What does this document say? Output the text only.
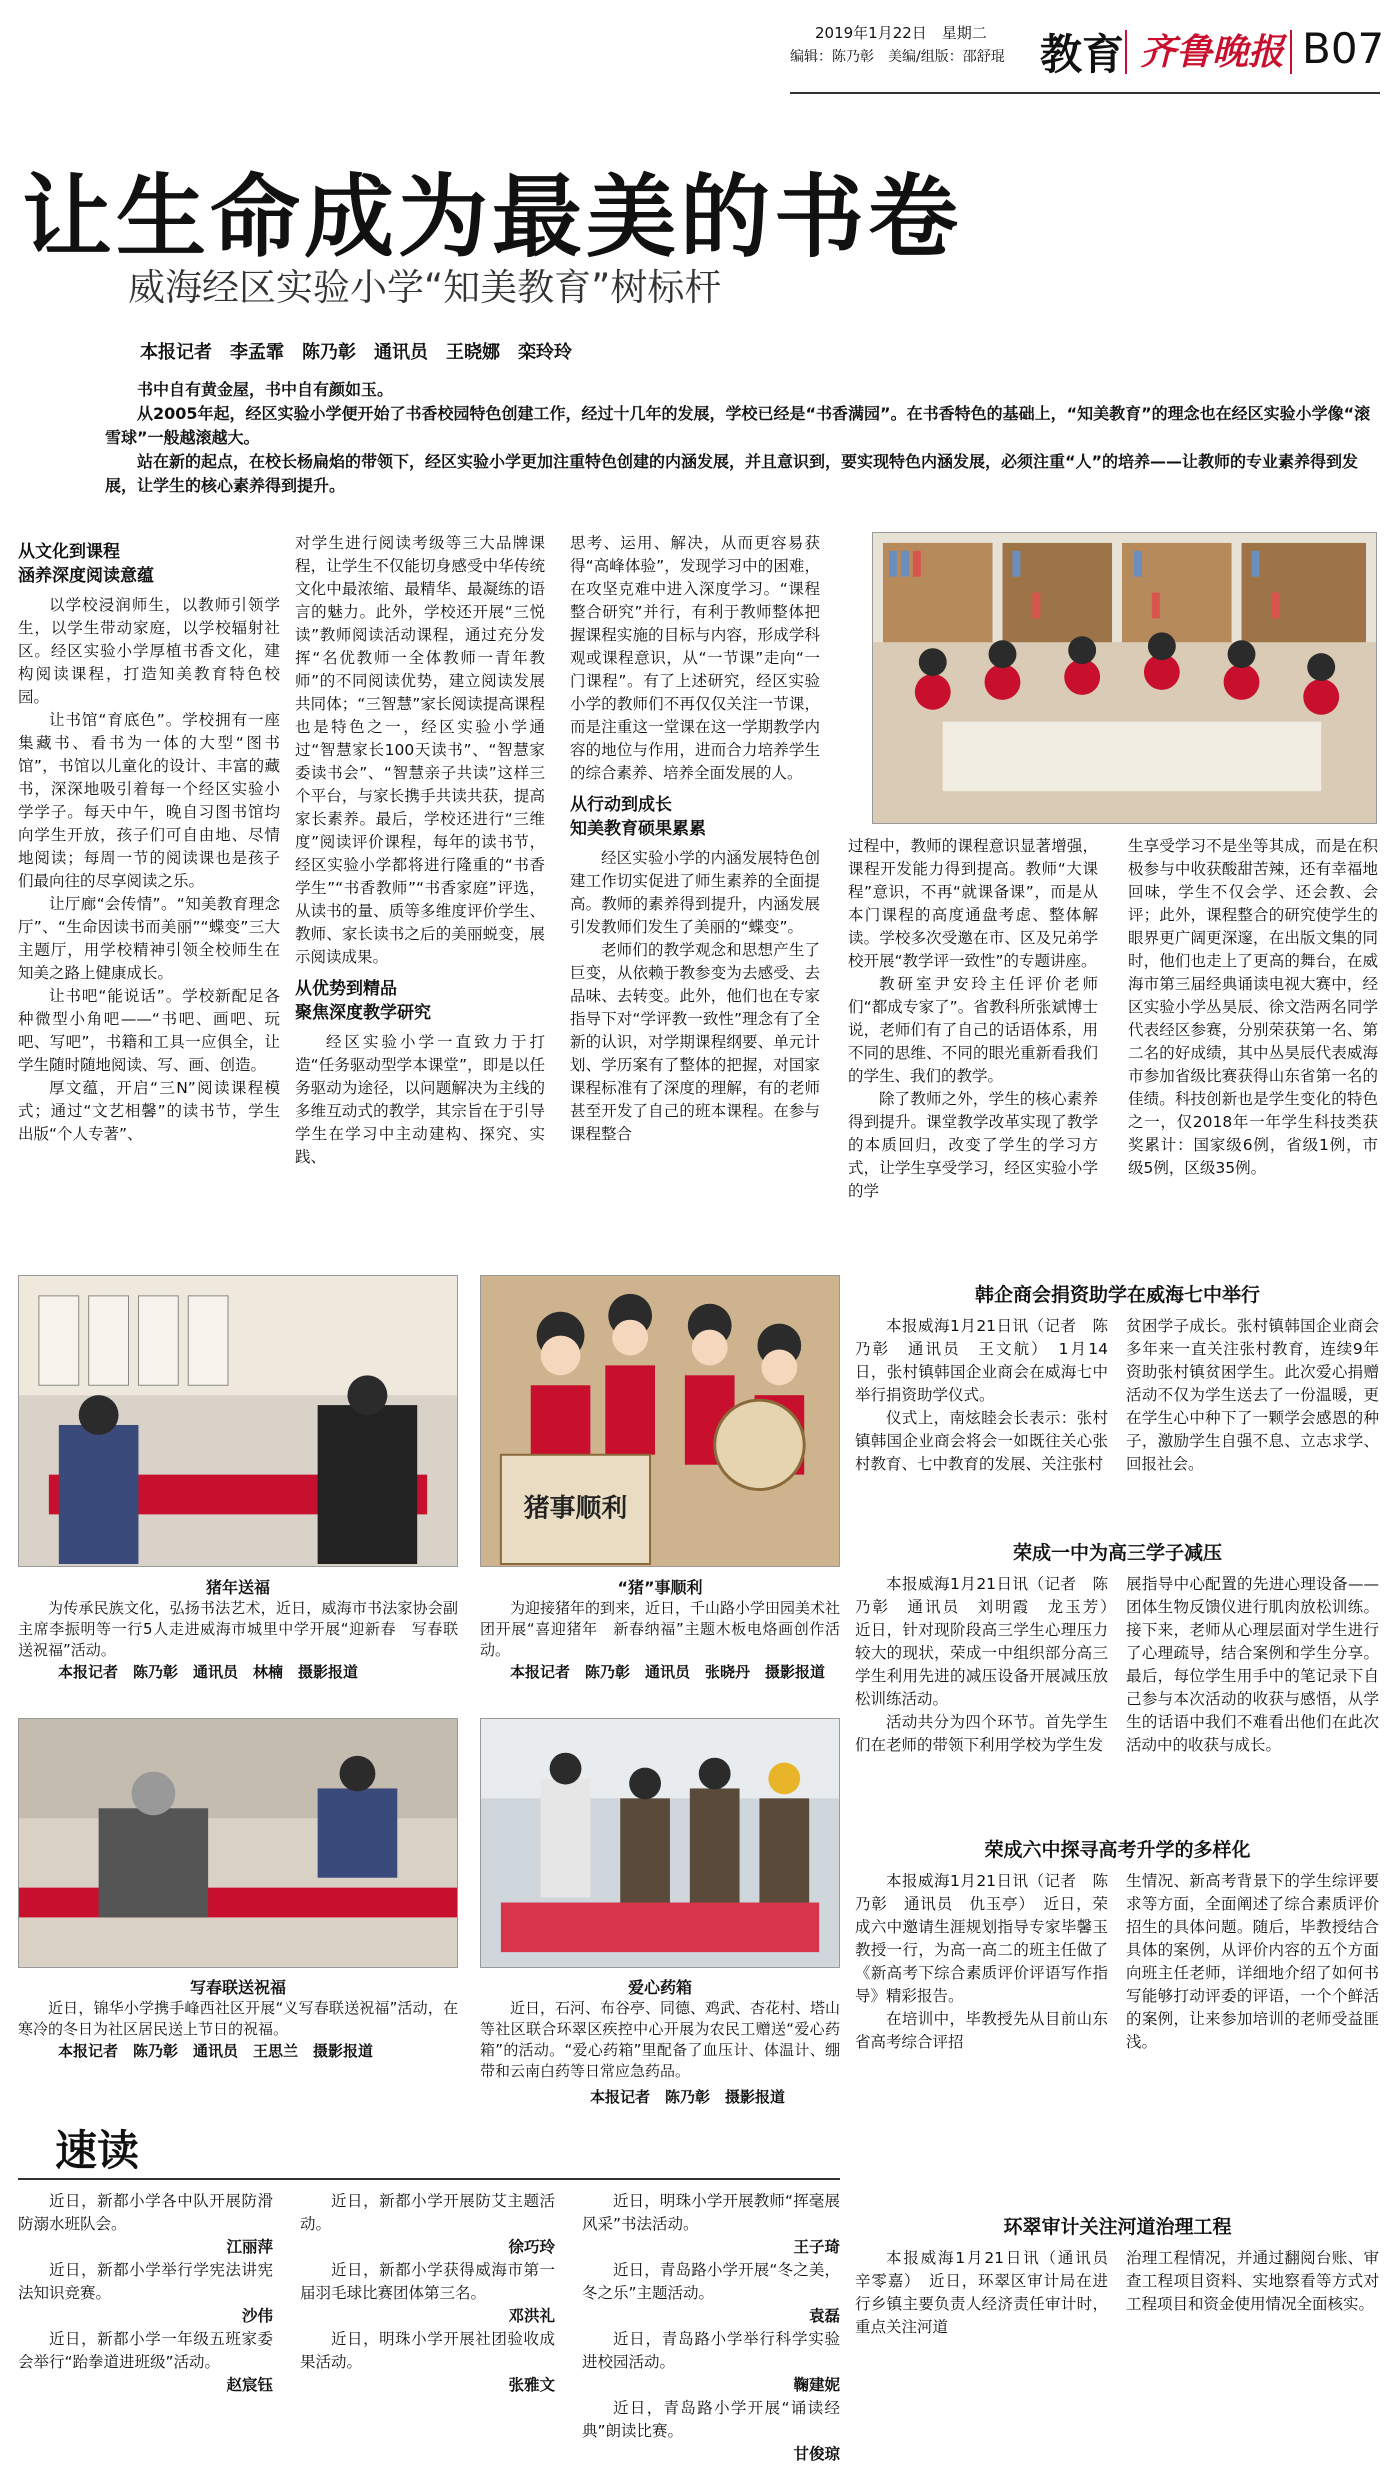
2019年1月22日　星期二
编辑：陈乃彰　美编/组版：邵舒琨 教育 齐鲁晚报 B07
让生命成为最美的书卷
威海经区实验小学“知美教育”树标杆
本报记者　李孟霏　陈乃彰　通讯员　王晓娜　栾玲玲

书中自有黄金屋，书中自有颜如玉。

从2005年起，经区实验小学便开始了书香校园特色创建工作，经过十几年的发展，学校已经是“书香满园”。在书香特色的基础上，“知美教育”的理念也在经区实验小学像“滚雪球”一般越滚越大。

站在新的起点，在校长杨扁焰的带领下，经区实验小学更加注重特色创建的内涵发展，并且意识到，要实现特色内涵发展，必须注重“人”的培养——让教师的专业素养得到发展，让学生的核心素养得到提升。

从文化到课程
涵养深度阅读意蕴

以学校浸润师生，以教师引领学生，以学生带动家庭，以学校辐射社区。经区实验小学厚植书香文化，建构阅读课程，打造知美教育特色校园。

让书馆“育底色”。学校拥有一座集藏书、看书为一体的大型“图书馆”，书馆以儿童化的设计、丰富的藏书，深深地吸引着每一个经区实验小学学子。每天中午，晚自习图书馆均向学生开放，孩子们可自由地、尽情地阅读；每周一节的阅读课也是孩子们最向往的尽享阅读之乐。

让厅廊“会传情”。“知美教育理念厅”、“生命因读书而美丽”“蝶变”三大主题厅，用学校精神引领全校师生在知美之路上健康成长。

让书吧“能说话”。学校新配足各种微型小角吧——“书吧、画吧、玩吧、写吧”，书籍和工具一应俱全，让学生随时随地阅读、写、画、创造。

厚文蕴，开启“三N”阅读课程模式；通过“文艺相馨”的读书节，学生出版“个人专著”、

对学生进行阅读考级等三大品牌课程，让学生不仅能切身感受中华传统文化中最浓缩、最精华、最凝练的语言的魅力。此外，学校还开展“三悦读”教师阅读活动课程，通过充分发挥“名优教师一全体教师一青年教师”的不同阅读优势，建立阅读发展共同体；“三智慧”家长阅读提高课程也是特色之一，经区实验小学通过“智慧家长100天读书”、“智慧家委读书会”、“智慧亲子共读”这样三个平台，与家长携手共读共获，提高家长素养。最后，学校还进行“三维度”阅读评价课程，每年的读书节，经区实验小学都将进行隆重的“书香学生”“书香教师”“书香家庭”评选，从读书的量、质等多维度评价学生、教师、家长读书之后的美丽蜕变，展示阅读成果。

从优势到精品
聚焦深度教学研究

经区实验小学一直致力于打造“任务驱动型学本课堂”，即是以任务驱动为途径，以问题解决为主线的多维互动式的教学，其宗旨在于引导学生在学习中主动建构、探究、实践、

思考、运用、解决，从而更容易获得“高峰体验”，发现学习中的困难，在攻坚克难中进入深度学习。“课程整合研究”并行，有利于教师整体把握课程实施的目标与内容，形成学科观或课程意识，从“一节课”走向“一门课程”。有了上述研究，经区实验小学的教师们不再仅仅关注一节课，而是注重这一堂课在这一学期教学内容的地位与作用，进而合力培养学生的综合素养、培养全面发展的人。

从行动到成长
知美教育硕果累累

经区实验小学的内涵发展特色创建工作切实促进了师生素养的全面提高。教师的素养得到提升，内涵发展引发教师们发生了美丽的“蝶变”。

老师们的教学观念和思想产生了巨变，从依赖于教参变为去感受、去品味、去转变。此外，他们也在专家指导下对“学评教一致性”理念有了全新的认识，对学期课程纲要、单元计划、学历案有了整体的把握，对国家课程标准有了深度的理解，有的老师甚至开发了自己的班本课程。在参与课程整合

过程中，教师的课程意识显著增强，课程开发能力得到提高。教师“大课程”意识，不再“就课备课”，而是从本门课程的高度通盘考虑、整体解读。学校多次受邀在市、区及兄弟学校开展“教学评一致性”的专题讲座。

教研室尹安玲主任评价老师们“都成专家了”。省教科所张斌博士说，老师们有了自己的话语体系，用不同的思维、不同的眼光重新看我们的学生、我们的教学。

除了教师之外，学生的核心素养得到提升。课堂教学改革实现了教学的本质回归，改变了学生的学习方式，让学生享受学习，经区实验小学的学

生享受学习不是坐等其成，而是在积极参与中收获酸甜苦辣，还有幸福地回味，学生不仅会学、还会教、会评；此外，课程整合的研究使学生的眼界更广阔更深邃，在出版文集的同时，他们也走上了更高的舞台，在威海市第三届经典诵读电视大赛中，经区实验小学丛昊辰、徐文浩两名同学代表经区参赛，分别荣获第一名、第二名的好成绩，其中丛昊辰代表威海市参加省级比赛获得山东省第一名的佳绩。科技创新也是学生变化的特色之一，仅2018年一年学生科技类获奖累计：国家级6例，省级1例，市级5例，区级35例。

猪事顺利
猪年送福

为传承民族文化，弘扬书法艺术，近日，威海市书法家协会副主席李振明等一行5人走进威海市城里中学开展“迎新春　写春联　送祝福”活动。

本报记者　陈乃彰　通讯员　林楠　摄影报道
“猪”事顺利

为迎接猪年的到来，近日，千山路小学田园美术社团开展“喜迎猪年　新春纳福”主题木板电烙画创作活动。

本报记者　陈乃彰　通讯员　张晓丹　摄影报道
写春联送祝福

近日，锦华小学携手峰西社区开展“义写春联送祝福”活动，在寒冷的冬日为社区居民送上节日的祝福。

本报记者　陈乃彰　通讯员　王思兰　摄影报道
爱心药箱

近日，石河、布谷亭、同德、鸡武、杏花村、塔山等社区联合环翠区疾控中心开展为农民工赠送“爱心药箱”的活动。“爱心药箱”里配备了血压计、体温计、绷带和云南白药等日常应急药品。

本报记者　陈乃彰　摄影报道
韩企商会捐资助学在威海七中举行

本报威海1月21日讯（记者　陈乃彰　通讯员　王文航）　1月14日，张村镇韩国企业商会在威海七中举行捐资助学仪式。

仪式上，南炫睦会长表示：张村镇韩国企业商会将会一如既往关心张村教育、七中教育的发展、关注张村

贫困学子成长。张村镇韩国企业商会多年来一直关注张村教育，连续9年资助张村镇贫困学生。此次爱心捐赠活动不仅为学生送去了一份温暖，更在学生心中种下了一颗学会感恩的种子，激励学生自强不息、立志求学、回报社会。

荣成一中为高三学子减压

本报威海1月21日讯（记者　陈乃彰　通讯员　刘明霞　龙玉芳）　近日，针对现阶段高三学生心理压力较大的现状，荣成一中组织部分高三学生利用先进的减压设备开展减压放松训练活动。

活动共分为四个环节。首先学生们在老师的带领下利用学校为学生发

展指导中心配置的先进心理设备——团体生物反馈仪进行肌肉放松训练。接下来，老师从心理层面对学生进行了心理疏导，结合案例和学生分享。最后，每位学生用手中的笔记录下自己参与本次活动的收获与感悟，从学生的话语中我们不难看出他们在此次活动中的收获与成长。

荣成六中探寻高考升学的多样化

本报威海1月21日讯（记者　陈乃彰　通讯员　仇玉亭）　近日，荣成六中邀请生涯规划指导专家毕馨玉教授一行，为高一高二的班主任做了《新高考下综合素质评价评语写作指导》精彩报告。

在培训中，毕教授先从目前山东省高考综合评招

生情况、新高考背景下的学生综评要求等方面，全面阐述了综合素质评价招生的具体问题。随后，毕教授结合具体的案例，从评价内容的五个方面向班主任老师，详细地介绍了如何书写能够打动评委的评语，一个个鲜活的案例，让来参加培训的老师受益匪浅。

环翠审计关注河道治理工程

本报威海1月21日讯（通讯员　辛零嘉）　近日，环翠区审计局在进行乡镇主要负责人经济责任审计时，重点关注河道

治理工程情况，并通过翻阅台账、审查工程项目资料、实地察看等方式对工程项目和资金使用情况全面核实。

速读

近日，新都小学各中队开展防滑防溺水班队会。

江丽萍

近日，新都小学举行学宪法讲宪法知识竞赛。

沙伟

近日，新都小学一年级五班家委会举行“跆拳道进班级”活动。

赵宸钰

近日，新都小学开展防艾主题活动。

徐巧玲

近日，新都小学获得威海市第一届羽毛球比赛团体第三名。

邓洪礼

近日，明珠小学开展社团验收成果活动。

张雅文

近日，明珠小学开展教师“挥毫展风采”书法活动。

王子琦

近日，青岛路小学开展“冬之美，冬之乐”主题活动。

袁磊

近日，青岛路小学举行科学实验进校园活动。

鞠建妮

近日，青岛路小学开展“诵读经典”朗读比赛。

甘俊琼
